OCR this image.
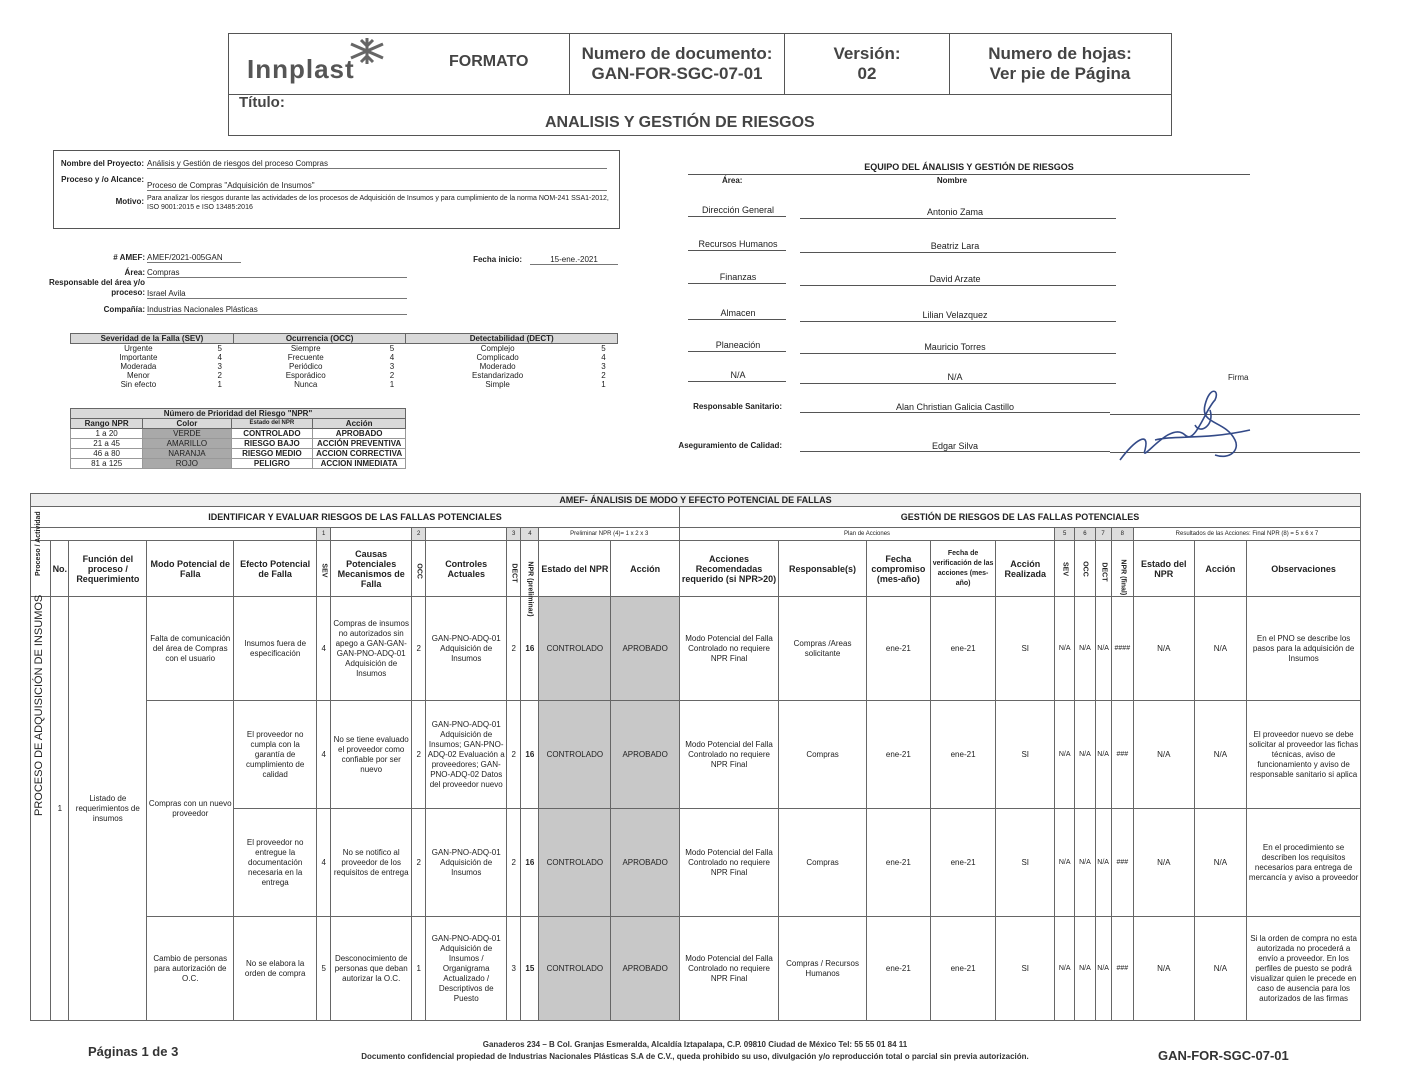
Innplast	FORMATO	Numero de documento:
GAN-FOR-SGC-07-01
Versión:
02
Numero de hojas:
Ver pie de Página
Título:
ANALISIS Y GESTIÓN DE RIESGOS
Nombre del Proyecto: Análisis y Gestión de riesgos del proceso Compras
Proceso y /o Alcance:
Proceso de Compras "Adquisición de Insumos"
Motivo: Para analizar los riesgos durante las actividades de los procesos de Adquisición de Insumos y para cumplimiento de la norma NOM-241 SSA1-2012, ISO 9001:2015 e ISO 13485:2016
# AMEF: AMEF/2021-005GAN	Fecha inicio:	15-ene.-2021
Área: Compras
Responsable del área y/o proceso: Israel Avila
Compañía: Industrias Nacionales Plásticas
Severidad de la Falla (SEV)		Ocurrencia (OCC)		Detectabilidad (DECT)	
Urgente	5	Siempre	5	Complejo	5
Importante	4	Frecuente	4	Complicado	4
Moderada	3	Periódico	3	Moderado	3
Menor	2	Esporádico	2	Estandarizado	2
Sin efecto	1	Nunca	1	Simple	1
Número de Prioridad del Riesgo "NPR"			
Rango NPR	Color	Estado del NPR	Acción
1 a 20	VERDE	CONTROLADO	APROBADO
21 a 45	AMARILLO	RIESGO BAJO	ACCIÓN PREVENTIVA
46 a 80	NARANJA	RIESGO MEDIO	ACCION CORRECTIVA
81 a 125	ROJO	PELIGRO	ACCION INMEDIATA
EQUIPO DEL ÁNALISIS Y GESTIÓN DE RIESGOS
Área:	Nombre
Firma
Dirección General	Antonio Zama
Recursos Humanos	Beatriz Lara
Finanzas	David Arzate
Almacen	Lilian Velazquez
Planeación	Mauricio Torres
N/A	N/A
Responsable Sanitario:	Alan Christian Galicia Castillo
Aseguramiento de Calidad:	Edgar Silva
AMEF- ÁNALISIS DE MODO Y EFECTO POTENCIAL DE FALLAS																								
IDENTIFICAR Y EVALUAR RIESGOS DE LAS FALLAS POTENCIALES													GESTIÓN DE RIESGOS DE LAS FALLAS POTENCIALES											
					1		2		3	4	Preliminar NPR (4)= 1 x 2 x 3		Plan de Acciones					5	6	7	8	Resultados de las Acciones: Final NPR (8) = 5 x 6 x 7		

Proceso / Actividad	No.	Función del proceso / Requerimiento	Modo Potencial de Falla	Efecto Potencial de Falla	SEV	Causas Potenciales Mecanismos de Falla	OCC	Controles Actuales	DECT	NPR (preliminar)	Estado del NPR	Acción	Acciones Recomendadas requerido (si NPR>20)	Responsable(s)	Fecha compromiso (mes-año)	Fecha de verificación de las acciones (mes-año)	Acción Realizada	SEV	OCC	DECT	NPR (final)	Estado del NPR	Acción	Observaciones

PROCESO DE ADQUISICIÓN DE INSUMOS	1	Listado de requerimientos de insumos	Falta de comunicación del área de Compras con el usuario	Insumos fuera de especificación	4	Compras de insumos no autorizados sin apego a GAN-GAN-GAN-PNO-ADQ-01 Adquisición de Insumos	2	GAN-PNO-ADQ-01 Adquisición de Insumos	2	16	CONTROLADO	APROBADO	Modo Potencial del Falla Controlado no requiere NPR Final	Compras /Areas solicitante	ene-21	ene-21	SI	N/A	N/A	N/A	####	N/A	N/A	En el PNO se describe los pasos para la adquisición de Insumos
			Compras con un nuevo proveedor	El proveedor no cumpla con la garantía de cumplimiento de calidad	4	No se tiene evaluado el proveedor como confiable por ser nuevo	2	GAN-PNO-ADQ-01 Adquisición de Insumos; GAN-PNO-ADQ-02 Evaluación a proveedores; GAN-PNO-ADQ-02 Datos del proveedor nuevo	2	16	CONTROLADO	APROBADO	Modo Potencial del Falla Controlado no requiere NPR Final	Compras	ene-21	ene-21	SI	N/A	N/A	N/A	###	N/A	N/A	El proveedor nuevo se debe solicitar al proveedor las fichas técnicas, aviso de funcionamiento y aviso de responsable sanitario si aplica
				El proveedor no entregue la documentación necesaria en la entrega	4	No se notifico al proveedor de los requisitos de entrega	2	GAN-PNO-ADQ-01 Adquisición de Insumos	2	16	CONTROLADO	APROBADO	Modo Potencial del Falla Controlado no requiere NPR Final	Compras	ene-21	ene-21	SI	N/A	N/A	N/A	###	N/A	N/A	En el procedimiento se describen los requisitos necesarios para entrega de mercancía y aviso a proveedor
			Cambio de personas para autorización de O.C.	No se elabora la orden de compra	5	Desconocimiento de personas que deban autorizar la O.C.	1	GAN-PNO-ADQ-01 Adquisición de Insumos / Organigrama Actualizado / Descriptivos de Puesto	3	15	CONTROLADO	APROBADO	Modo Potencial del Falla Controlado no requiere NPR Final	Compras / Recursos Humanos	ene-21	ene-21	SI	N/A	N/A	N/A	###	N/A	N/A	Si la orden de compra no esta autorizada no procederá a envío a proveedor. En los perfiles de puesto se podrá visualizar quien le precede en caso de ausencia para los autorizados de las firmas
Páginas 1 de 3	Ganaderos 234 – B Col. Granjas Esmeralda, Alcaldía Iztapalapa, C.P. 09810 Ciudad de México Tel: 55 55 01 84 11
Documento confidencial propiedad de Industrias Nacionales Plásticas S.A de C.V., queda prohibido su uso, divulgación y/o reproducción total o parcial sin previa autorización.	GAN-FOR-SGC-07-01
